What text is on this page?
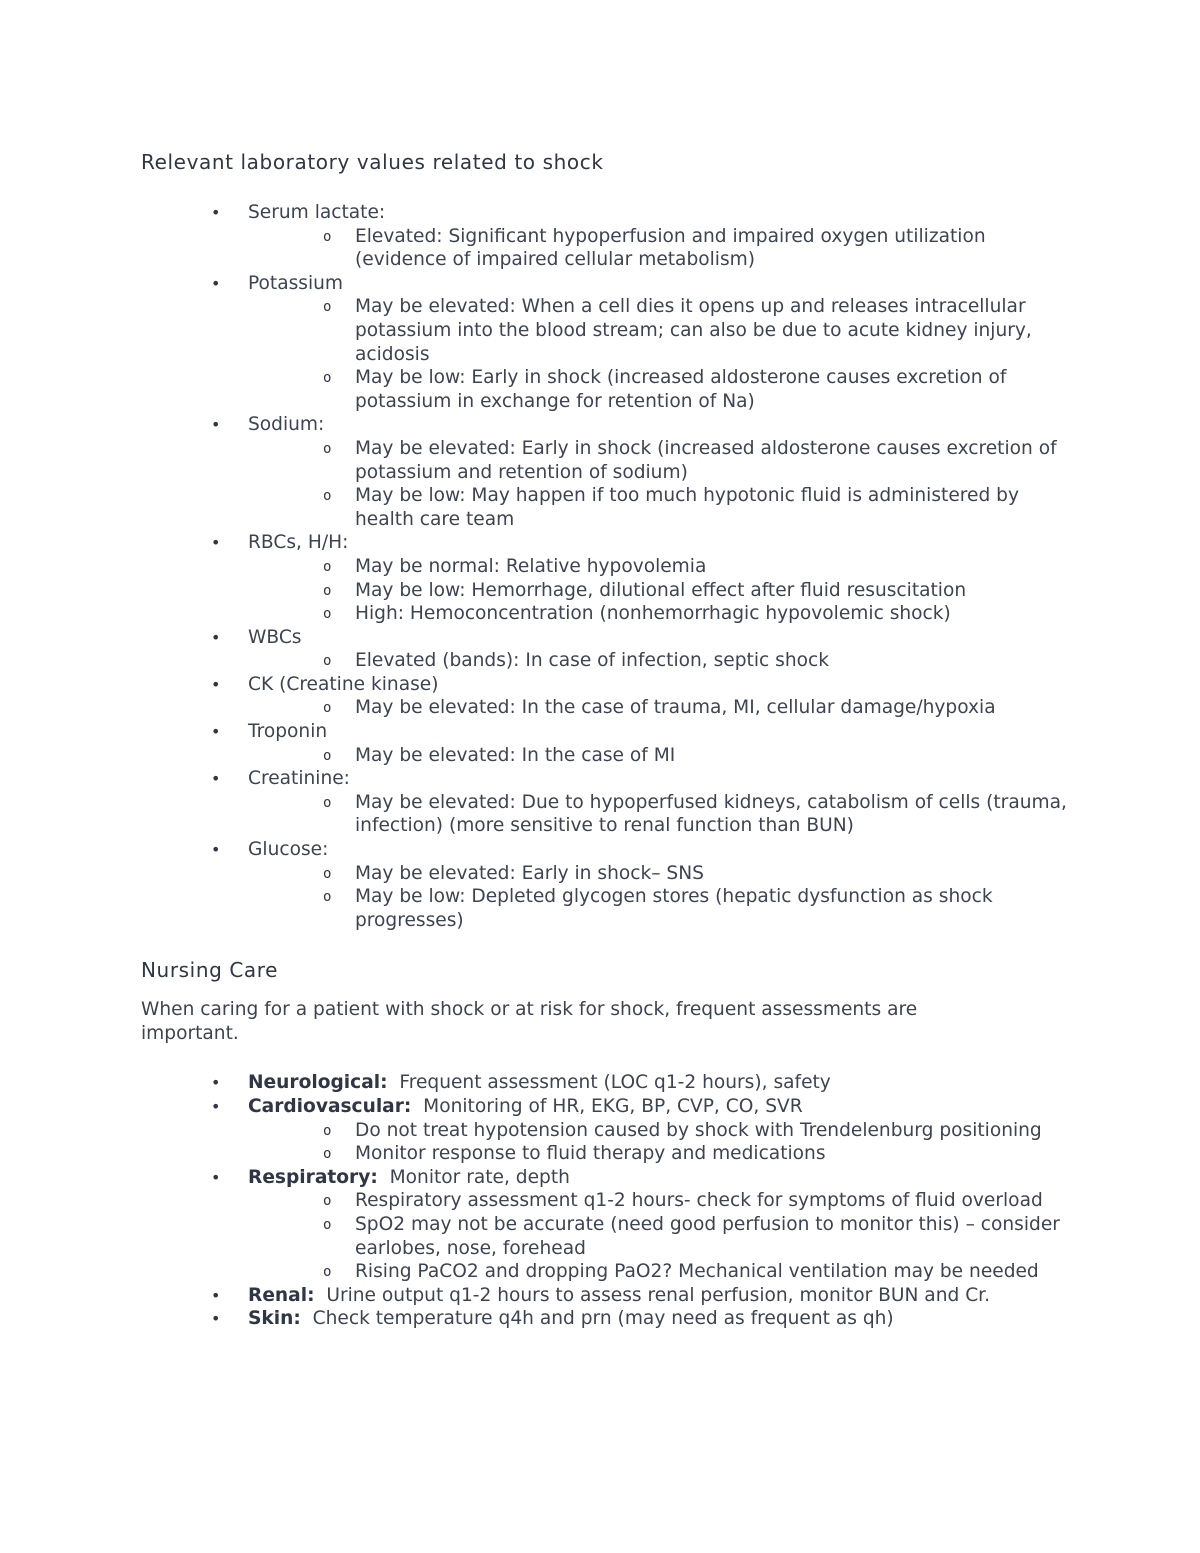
Relevant laboratory values related to shock
• Serum lactate:
o Elevated: Significant hypoperfusion and impaired oxygen utilization (evidence of impaired cellular metabolism)
• Potassium
o May be elevated: When a cell dies it opens up and releases intracellular potassium into the blood stream; can also be due to acute kidney injury, acidosis
o May be low: Early in shock (increased aldosterone causes excretion of potassium in exchange for retention of Na)
• Sodium:
o May be elevated: Early in shock (increased aldosterone causes excretion of potassium and retention of sodium)
o May be low: May happen if too much hypotonic fluid is administered by health care team
• RBCs, H/H:
o May be normal: Relative hypovolemia
o May be low: Hemorrhage, dilutional effect after fluid resuscitation
o High: Hemoconcentration (nonhemorrhagic hypovolemic shock)
• WBCs
o Elevated (bands): In case of infection, septic shock
• CK (Creatine kinase)
o May be elevated: In the case of trauma, MI, cellular damage/hypoxia
• Troponin
o May be elevated: In the case of MI
• Creatinine:
o May be elevated: Due to hypoperfused kidneys, catabolism of cells (trauma, infection) (more sensitive to renal function than BUN)
• Glucose:
o May be elevated: Early in shock– SNS
o May be low: Depleted glycogen stores (hepatic dysfunction as shock progresses)
Nursing Care

When caring for a patient with shock or at risk for shock, frequent assessments are important.

• Neurological:  Frequent assessment (LOC q1-2 hours), safety
• Cardiovascular:  Monitoring of HR, EKG, BP, CVP, CO, SVR
o Do not treat hypotension caused by shock with Trendelenburg positioning
o Monitor response to fluid therapy and medications
• Respiratory:  Monitor rate, depth
o Respiratory assessment q1-2 hours- check for symptoms of fluid overload
o SpO2 may not be accurate (need good perfusion to monitor this) – consider earlobes, nose, forehead
o Rising PaCO2 and dropping PaO2? Mechanical ventilation may be needed
• Renal:  Urine output q1-2 hours to assess renal perfusion, monitor BUN and Cr.
• Skin:  Check temperature q4h and prn (may need as frequent as qh)
